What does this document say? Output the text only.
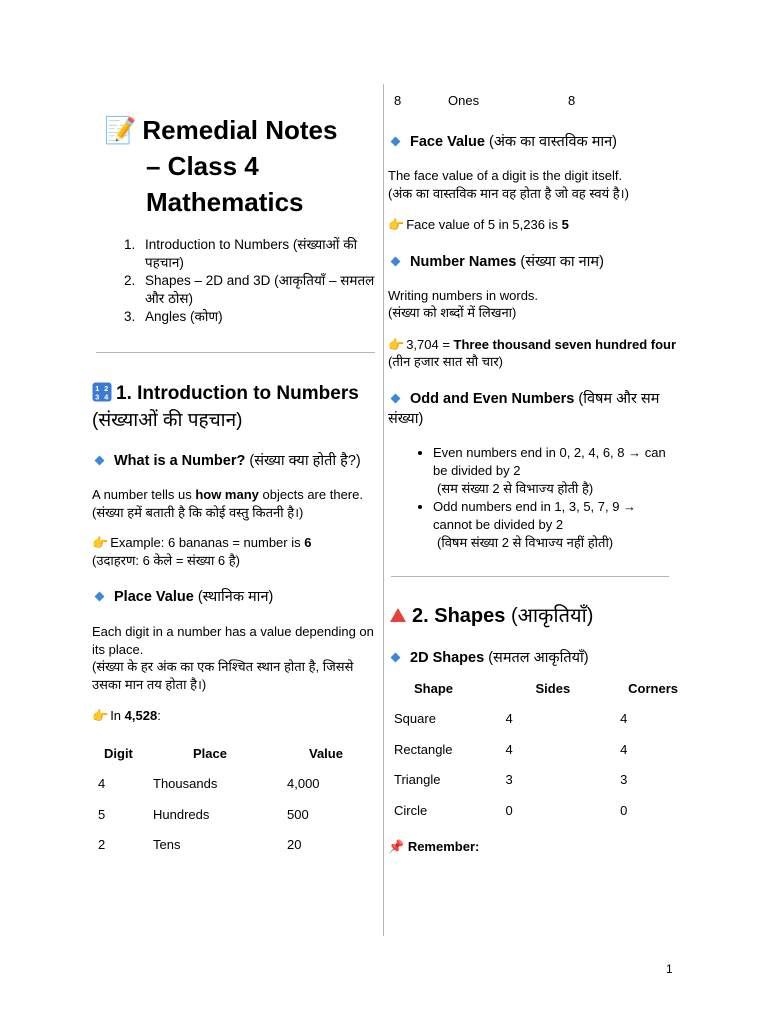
📝 Remedial Notes
– Class 4
Mathematics
1. Introduction to Numbers (संख्याओं की पहचान)
2. Shapes – 2D and 3D (आकृतियाँ – समतल और ठोस)
3. Angles (कोण)
1 2
3 4 1. Introduction to Numbers (संख्याओं की पहचान)
What is a Number? (संख्या क्या होती है?)
A number tells us how many objects are there.
(संख्या हमें बताती है कि कोई वस्तु कितनी है।)
👉 Example: 6 bananas = number is 6
(उदाहरण: 6 केले = संख्या 6 है)
Place Value (स्थानिक मान)
Each digit in a number has a value depending on its place.
(संख्या के हर अंक का एक निश्चित स्थान होता है, जिससे उसका मान तय होता है।)
👉 In 4,528:
Digit	Place	Value
4	Thousands	4,000
5	Hundreds	500
2	Tens	20
8	Ones	8
Face Value (अंक का वास्तविक मान)
The face value of a digit is the digit itself.
(अंक का वास्तविक मान वह होता है जो वह स्वयं है।)
👉 Face value of 5 in 5,236 is 5
Number Names (संख्या का नाम)
Writing numbers in words.
(संख्या को शब्दों में लिखना)
👉 3,704 = Three thousand seven hundred four
(तीन हजार सात सौ चार)
Odd and Even Numbers (विषम और सम संख्या)
• Even numbers end in 0, 2, 4, 6, 8 → can be divided by 2
(सम संख्या 2 से विभाज्य होती है)
• Odd numbers end in 1, 3, 5, 7, 9 → cannot be divided by 2
(विषम संख्या 2 से विभाज्य नहीं होती)
2. Shapes (आकृतियाँ)
2D Shapes (समतल आकृतियाँ)
Shape	Sides	Corners
Square	4	4
Rectangle	4	4
Triangle	3	3
Circle	0	0
📌 Remember:
1
